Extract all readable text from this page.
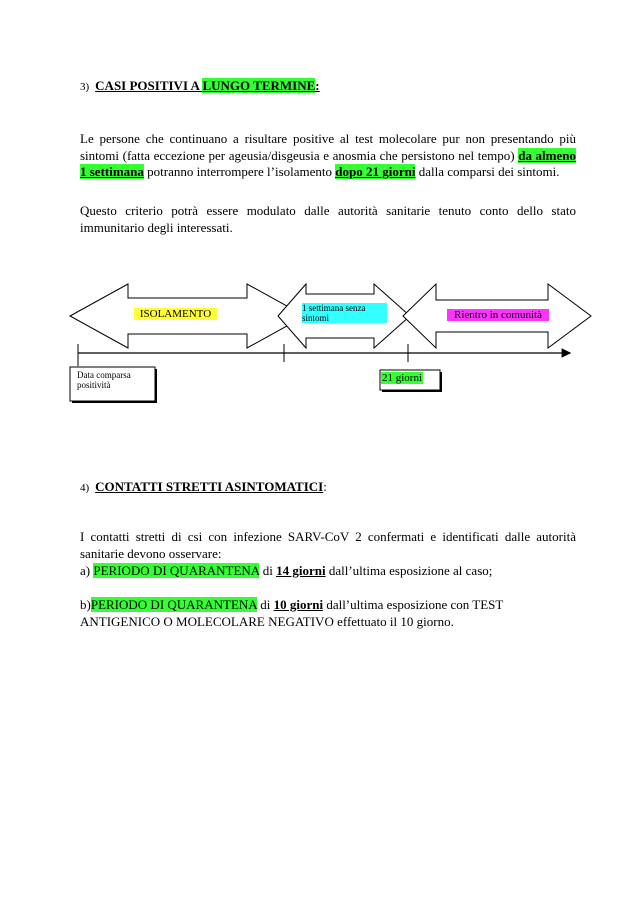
3) CASI POSITIVI A LUNGO TERMINE:
Le persone che continuano a risultare positive al test molecolare pur non presentando più sintomi (fatta eccezione per ageusia/disgeusia e anosmia che persistono nel tempo) da almeno 1 settimana potranno interrompere l’isolamento dopo 21 giorni dalla comparsi dei sintomi.
Questo criterio potrà essere modulato dalle autorità sanitarie tenuto conto dello stato immunitario degli interessati.
ISOLAMENTO	1 settimana senza sintomi	Rientro in comunità
Data comparsa positività
21 giorni
4) CONTATTI STRETTI ASINTOMATICI:
I contatti stretti di csi con infezione SARV-CoV 2 confermati e identificati dalle autorità sanitarie devono osservare:
a) PERIODO DI QUARANTENA di 14 giorni dall’ultima esposizione al caso;
b)PERIODO DI QUARANTENA di 10 giorni dall’ultima esposizione con TEST
ANTIGENICO O MOLECOLARE NEGATIVO effettuato il 10 giorno.
